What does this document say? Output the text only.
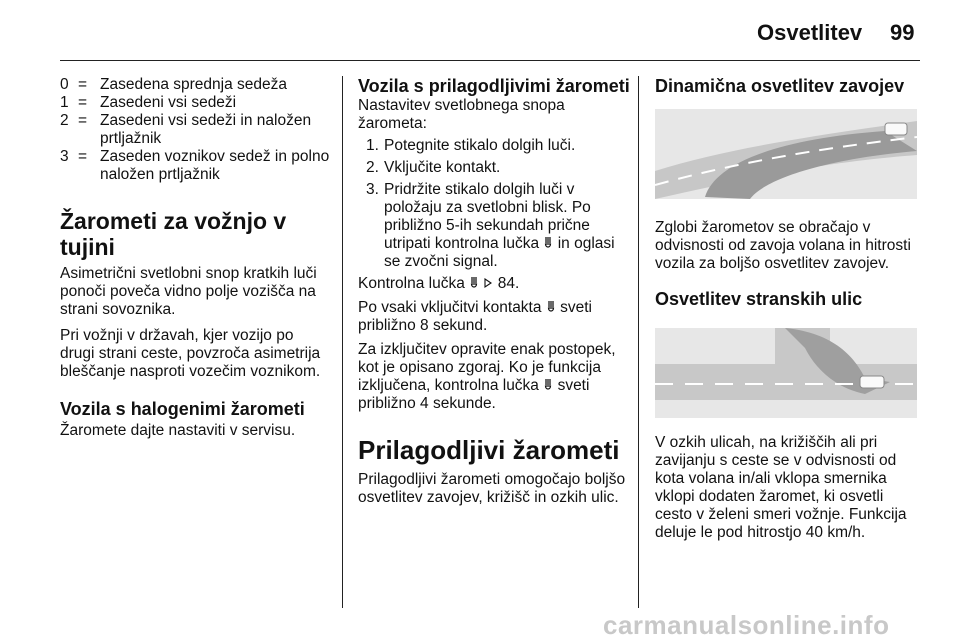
Osvetlitev 99
0 = Zasedena sprednja sedeža
1 = Zasedeni vsi sedeži
2 = Zasedeni vsi sedeži in naložen prtljažnik
3 = Zaseden voznikov sedež in polno naložen prtljažnik
Žarometi za vožnjo v tujini

Asimetrični svetlobni snop kratkih luči ponoči poveča vidno polje vozišča na strani sovoznika.

Pri vožnji v državah, kjer vozijo po drugi strani ceste, povzroča asimetrija bleščanje nasproti vozečim voznikom.

Vozila s halogenimi žarometi

Žaromete dajte nastaviti v servisu.

Vozila s prilagodljivimi žarometi

Nastavitev svetlobnega snopa žarometa:

1. Potegnite stikalo dolgih luči.
2. Vključite kontakt.
3. Pridržite stikalo dolgih luči v položaju za svetlobni blisk. Po približno 5-ih sekundah prične utripati kontrolna lučka in oglasi se zvočni signal.

Kontrolna lučka 84.

Po vsaki vključitvi kontakta sveti približno 8 sekund.

Za izključitev opravite enak postopek, kot je opisano zgoraj. Ko je funkcija izključena, kontrolna lučka sveti približno 4 sekunde.

Prilagodljivi žarometi

Prilagodljivi žarometi omogočajo boljšo osvetlitev zavojev, križišč in ozkih ulic.

Dinamična osvetlitev zavojev

Zglobi žarometov se obračajo v odvisnosti od zavoja volana in hitrosti vozila za boljšo osvetlitev zavojev.

Osvetlitev stranskih ulic

V ozkih ulicah, na križiščih ali pri zavijanju s ceste se v odvisnosti od kota volana in/ali vklopa smernika vklopi dodaten žaromet, ki osvetli cesto v želeni smeri vožnje. Funkcija deluje le pod hitrostjo 40 km/h.

carmanualsonline.info
